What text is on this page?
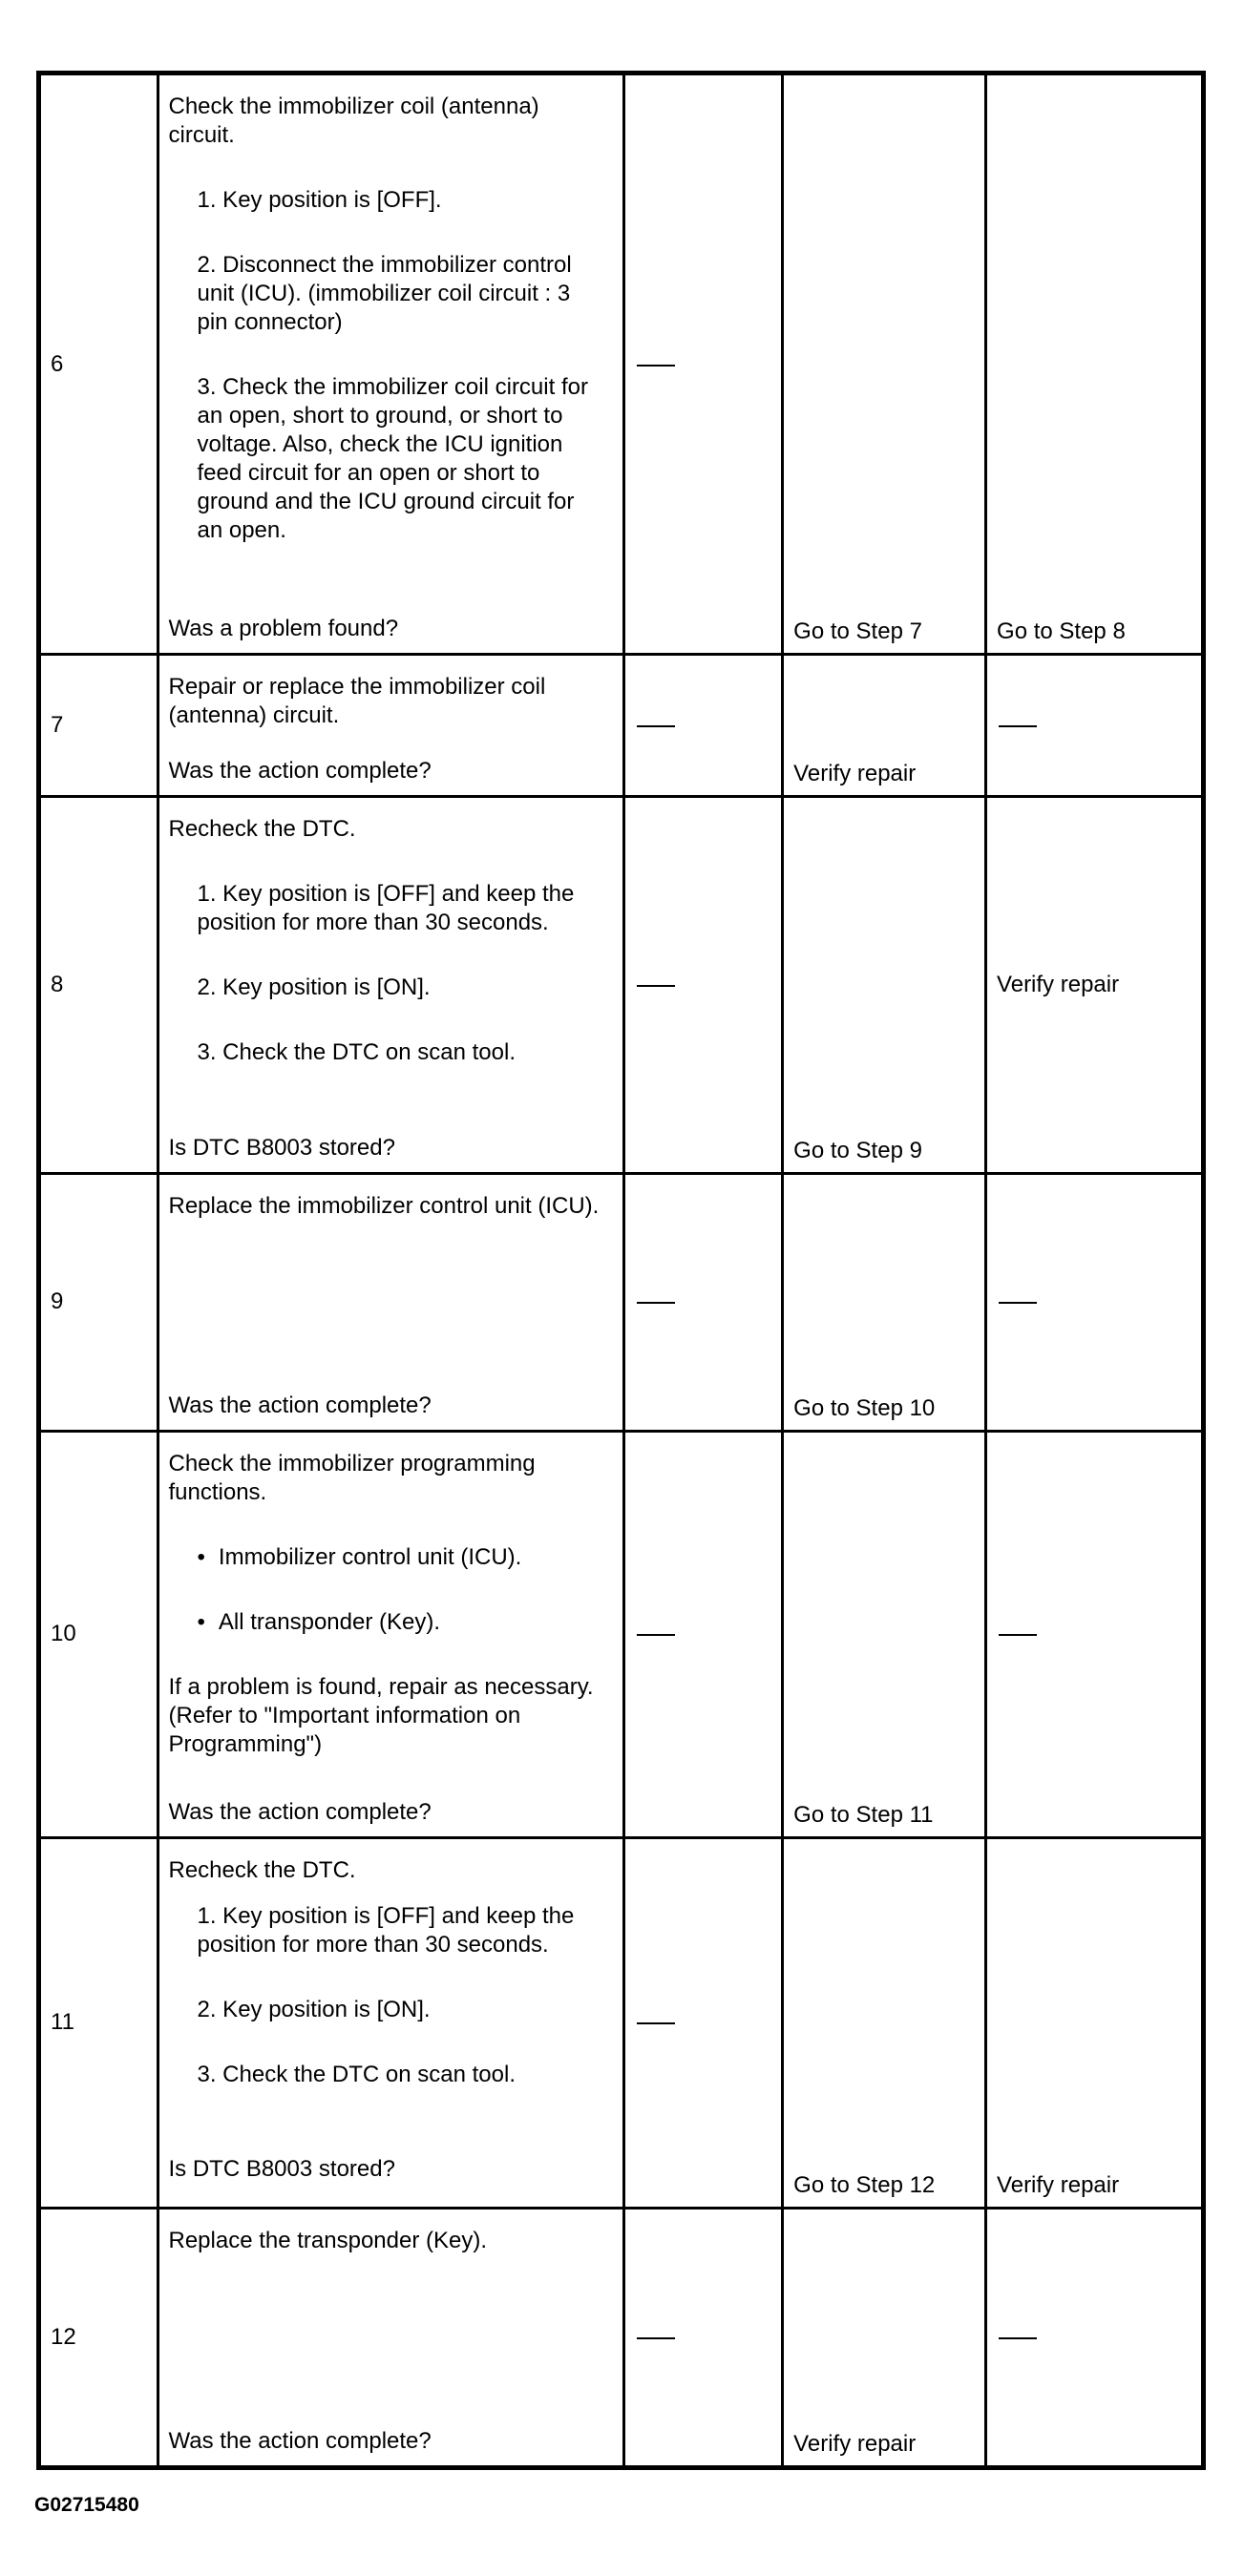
6	Check the immobilizer coil (antenna) circuit.
1. Key position is [OFF].
2. Disconnect the immobilizer control unit (ICU). (immobilizer coil circuit : 3 pin connector)
3. Check the immobilizer coil circuit for an open, short to ground, or short to voltage. Also, check the ICU ignition feed circuit for an open or short to ground and the ICU ground circuit for an open.
Was a problem found?		Go to Step 7	Go to Step 8

7	Repair or replace the immobilizer coil (antenna) circuit.
Was the action complete?		Verify repair	

8	Recheck the DTC.
1. Key position is [OFF] and keep the position for more than 30 seconds.
2. Key position is [ON].
3. Check the DTC on scan tool.
Is DTC B8003 stored?		Go to Step 9	Verify repair

9	Replace the immobilizer control unit (ICU).
Was the action complete?		Go to Step 10	

10	Check the immobilizer programming functions.
• Immobilizer control unit (ICU).
• All transponder (Key).
If a problem is found, repair as necessary. (Refer to "Important information on Programming")
Was the action complete?		Go to Step 11	

11	Recheck the DTC.
1. Key position is [OFF] and keep the position for more than 30 seconds.
2. Key position is [ON].
3. Check the DTC on scan tool.
Is DTC B8003 stored?		Go to Step 12	Verify repair

12	Replace the transponder (Key).
Was the action complete?		Verify repair	

G02715480
